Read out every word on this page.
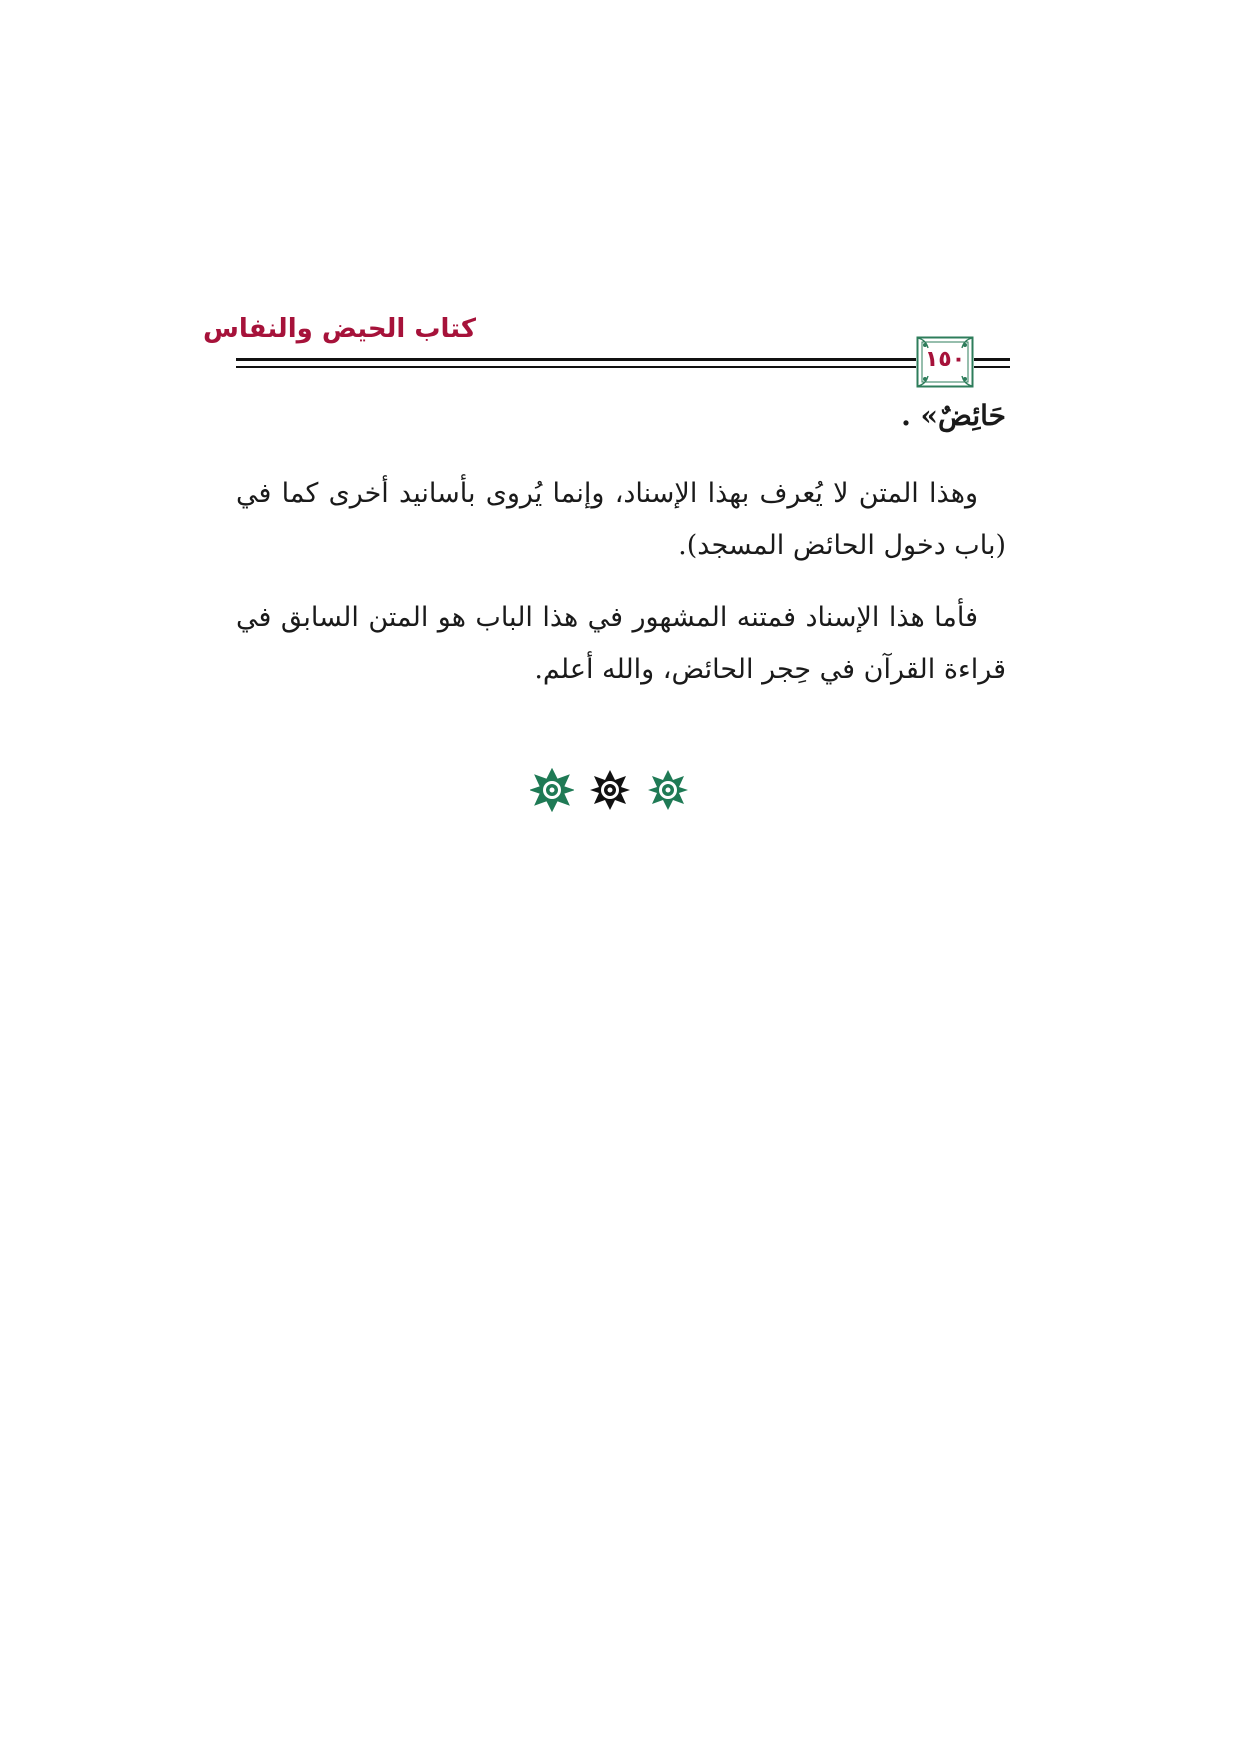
كتاب الحيض والنفاس
١٥٠
حَائِضٌ» .
وهذا المتن لا يُعرف بهذا الإسناد، وإنما يُروى بأسانيد أخرى كما في (باب دخول الحائض المسجد).
فأما هذا الإسناد فمتنه المشهور في هذا الباب هو المتن السابق في قراءة القرآن في حِجر الحائض، والله أعلم.
